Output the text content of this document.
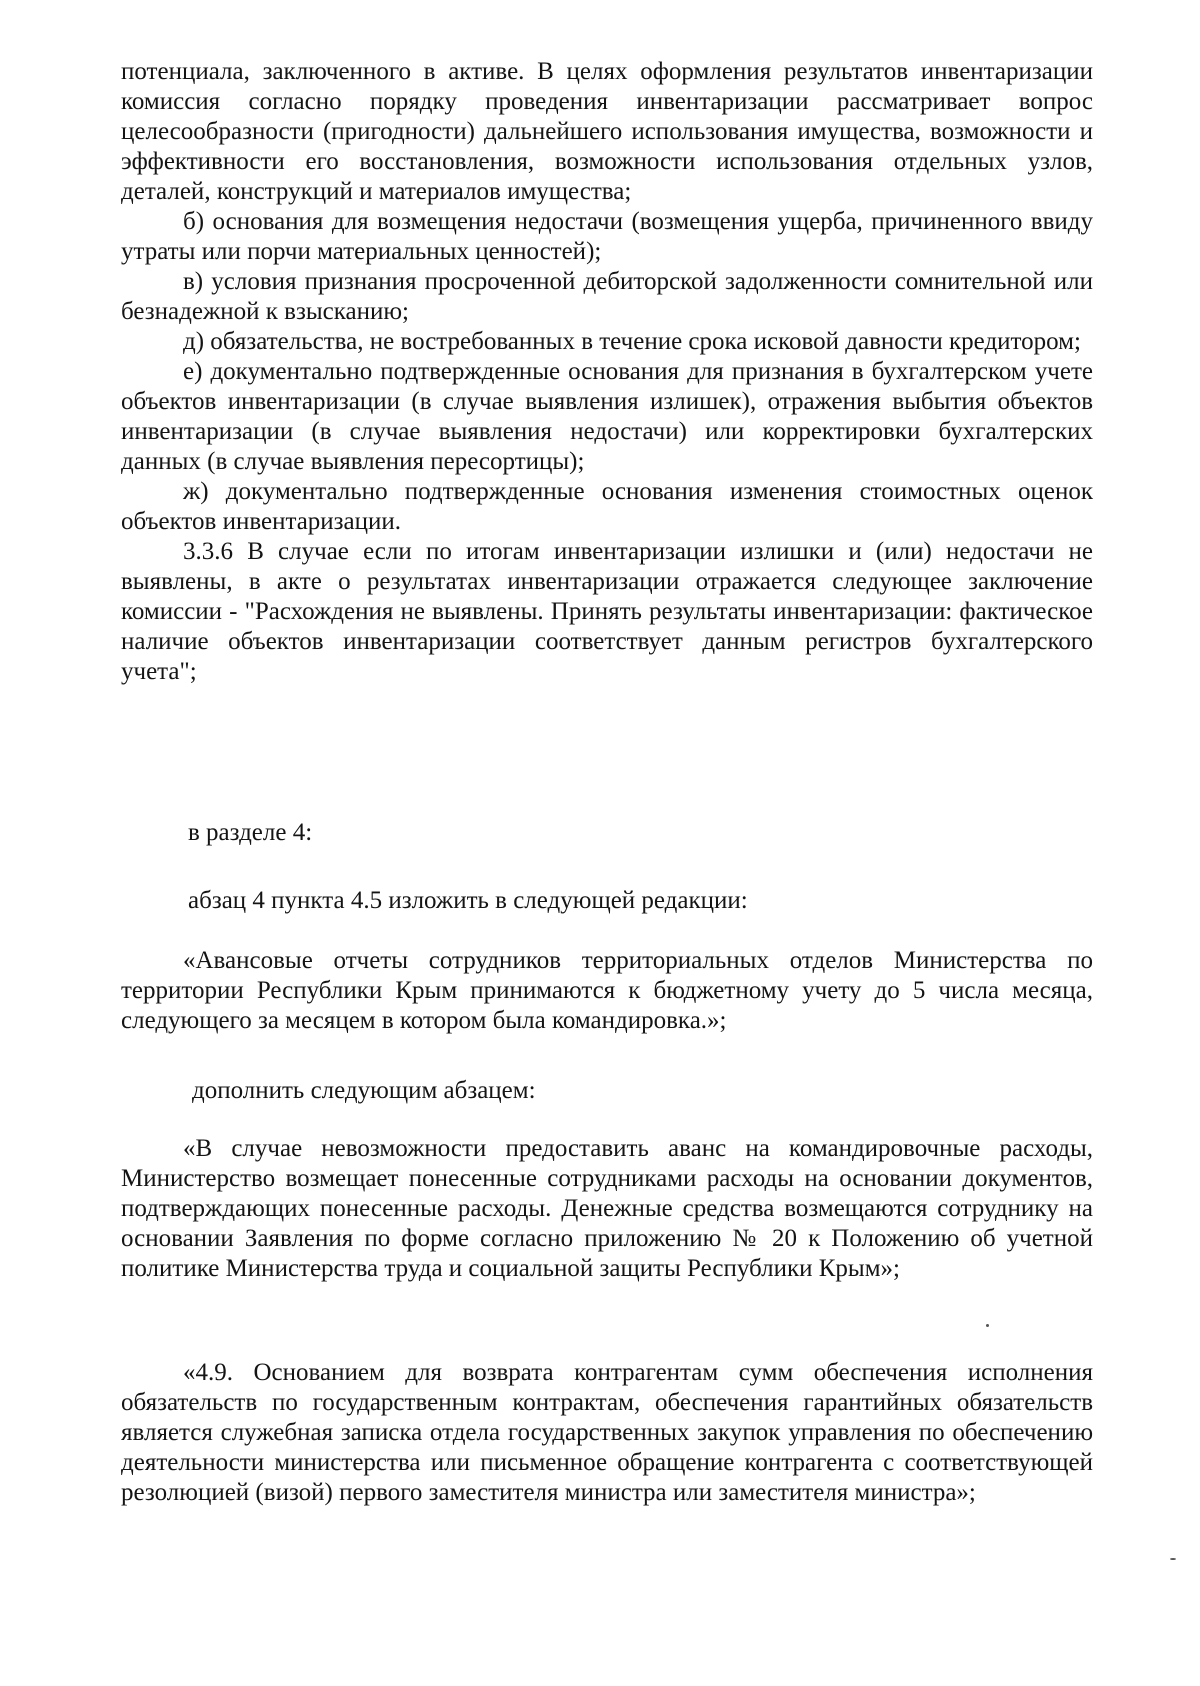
потенциала, заключенного в активе. В целях оформления результатов инвентаризации комиссия согласно порядку проведения инвентаризации рассматривает вопрос целесообразности (пригодности) дальнейшего использования имущества, возможности и эффективности его восстановления, возможности использования отдельных узлов, деталей, конструкций и материалов имущества;

б) основания для возмещения недостачи (возмещения ущерба, причиненного ввиду утраты или порчи материальных ценностей);

в) условия признания просроченной дебиторской задолженности сомнительной или безнадежной к взысканию;

д) обязательства, не востребованных в течение срока исковой давности кредитором;

е) документально подтвержденные основания для признания в бухгалтерском учете объектов инвентаризации (в случае выявления излишек), отражения выбытия объектов инвентаризации (в случае выявления недостачи) или корректировки бухгалтерских данных (в случае выявления пересортицы);

ж) документально подтвержденные основания изменения стоимостных оценок объектов инвентаризации.

3.3.6 В случае если по итогам инвентаризации излишки и (или) недостачи не выявлены, в акте о результатах инвентаризации отражается следующее заключение комиссии - "Расхождения не выявлены. Принять результаты инвентаризации: фактическое наличие объектов инвентаризации соответствует данным регистров бухгалтерского учета";

в разделе 4:

абзац 4 пункта 4.5 изложить в следующей редакции:

«Авансовые отчеты сотрудников территориальных отделов Министерства по территории Республики Крым принимаются к бюджетному учету до 5 числа месяца, следующего за месяцем в котором была командировка.»;

дополнить следующим абзацем:

«В случае невозможности предоставить аванс на командировочные расходы, Министерство возмещает понесенные сотрудниками расходы на основании документов, подтверждающих понесенные расходы. Денежные средства возмещаются сотруднику на основании Заявления по форме согласно приложению № 20 к Положению об учетной политике Министерства труда и социальной защиты Республики Крым»;

«4.9. Основанием для возврата контрагентам сумм обеспечения исполнения обязательств по государственным контрактам, обеспечения гарантийных обязательств является служебная записка отдела государственных закупок управления по обеспечению деятельности министерства или письменное обращение контрагента с соответствующей резолюцией (визой) первого заместителя министра или заместителя министра»;
